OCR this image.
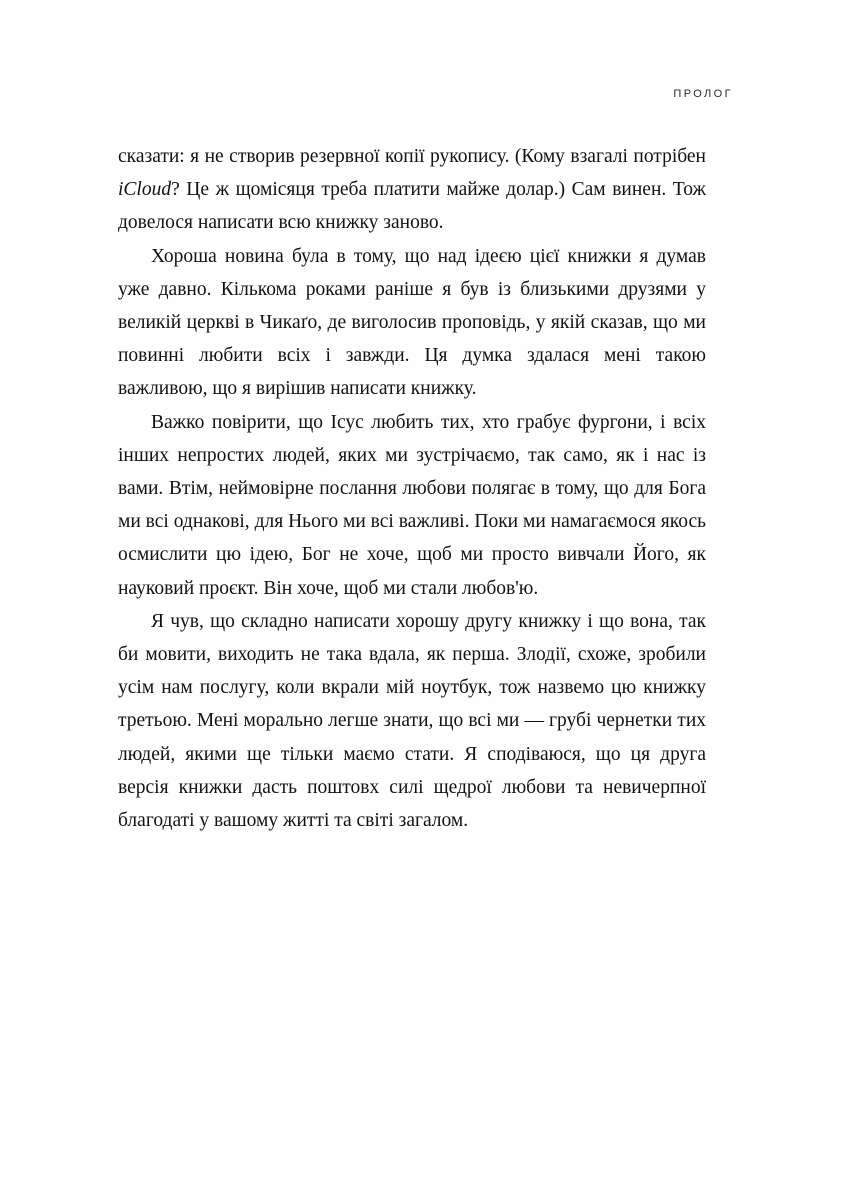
ПРОЛОГ

сказати: я не створив резервної копії рукопису. (Кому взагалі потрібен iCloud? Це ж щомісяця треба платити майже долар.) Сам винен. Тож довелося написати всю книжку заново.

Хороша новина була в тому, що над ідеєю цієї книжки я думав уже давно. Кількома роками раніше я був із близькими друзями у великій церкві в Чикаґо, де виголосив проповідь, у якій сказав, що ми повинні любити всіх і завжди. Ця думка здалася мені такою важливою, що я вирішив написати книжку.

Важко повірити, що Ісус любить тих, хто грабує фургони, і всіх інших непростих людей, яких ми зустрічаємо, так само, як і нас із вами. Втім, неймовірне послання любови полягає в тому, що для Бога ми всі однакові, для Нього ми всі важливі. Поки ми намагаємося якось осмислити цю ідею, Бог не хоче, щоб ми просто вивчали Його, як науковий проєкт. Він хоче, щоб ми стали любов'ю.

Я чув, що складно написати хорошу другу книжку і що вона, так би мовити, виходить не така вдала, як перша. Злодії, схоже, зробили усім нам послугу, коли вкрали мій ноутбук, тож назвемо цю книжку третьою. Мені морально легше знати, що всі ми — грубі чернетки тих людей, якими ще тільки маємо стати. Я сподіваюся, що ця друга версія книжки дасть поштовх силі щедрої любови та невичерпної благодаті у вашому житті та світі загалом.
